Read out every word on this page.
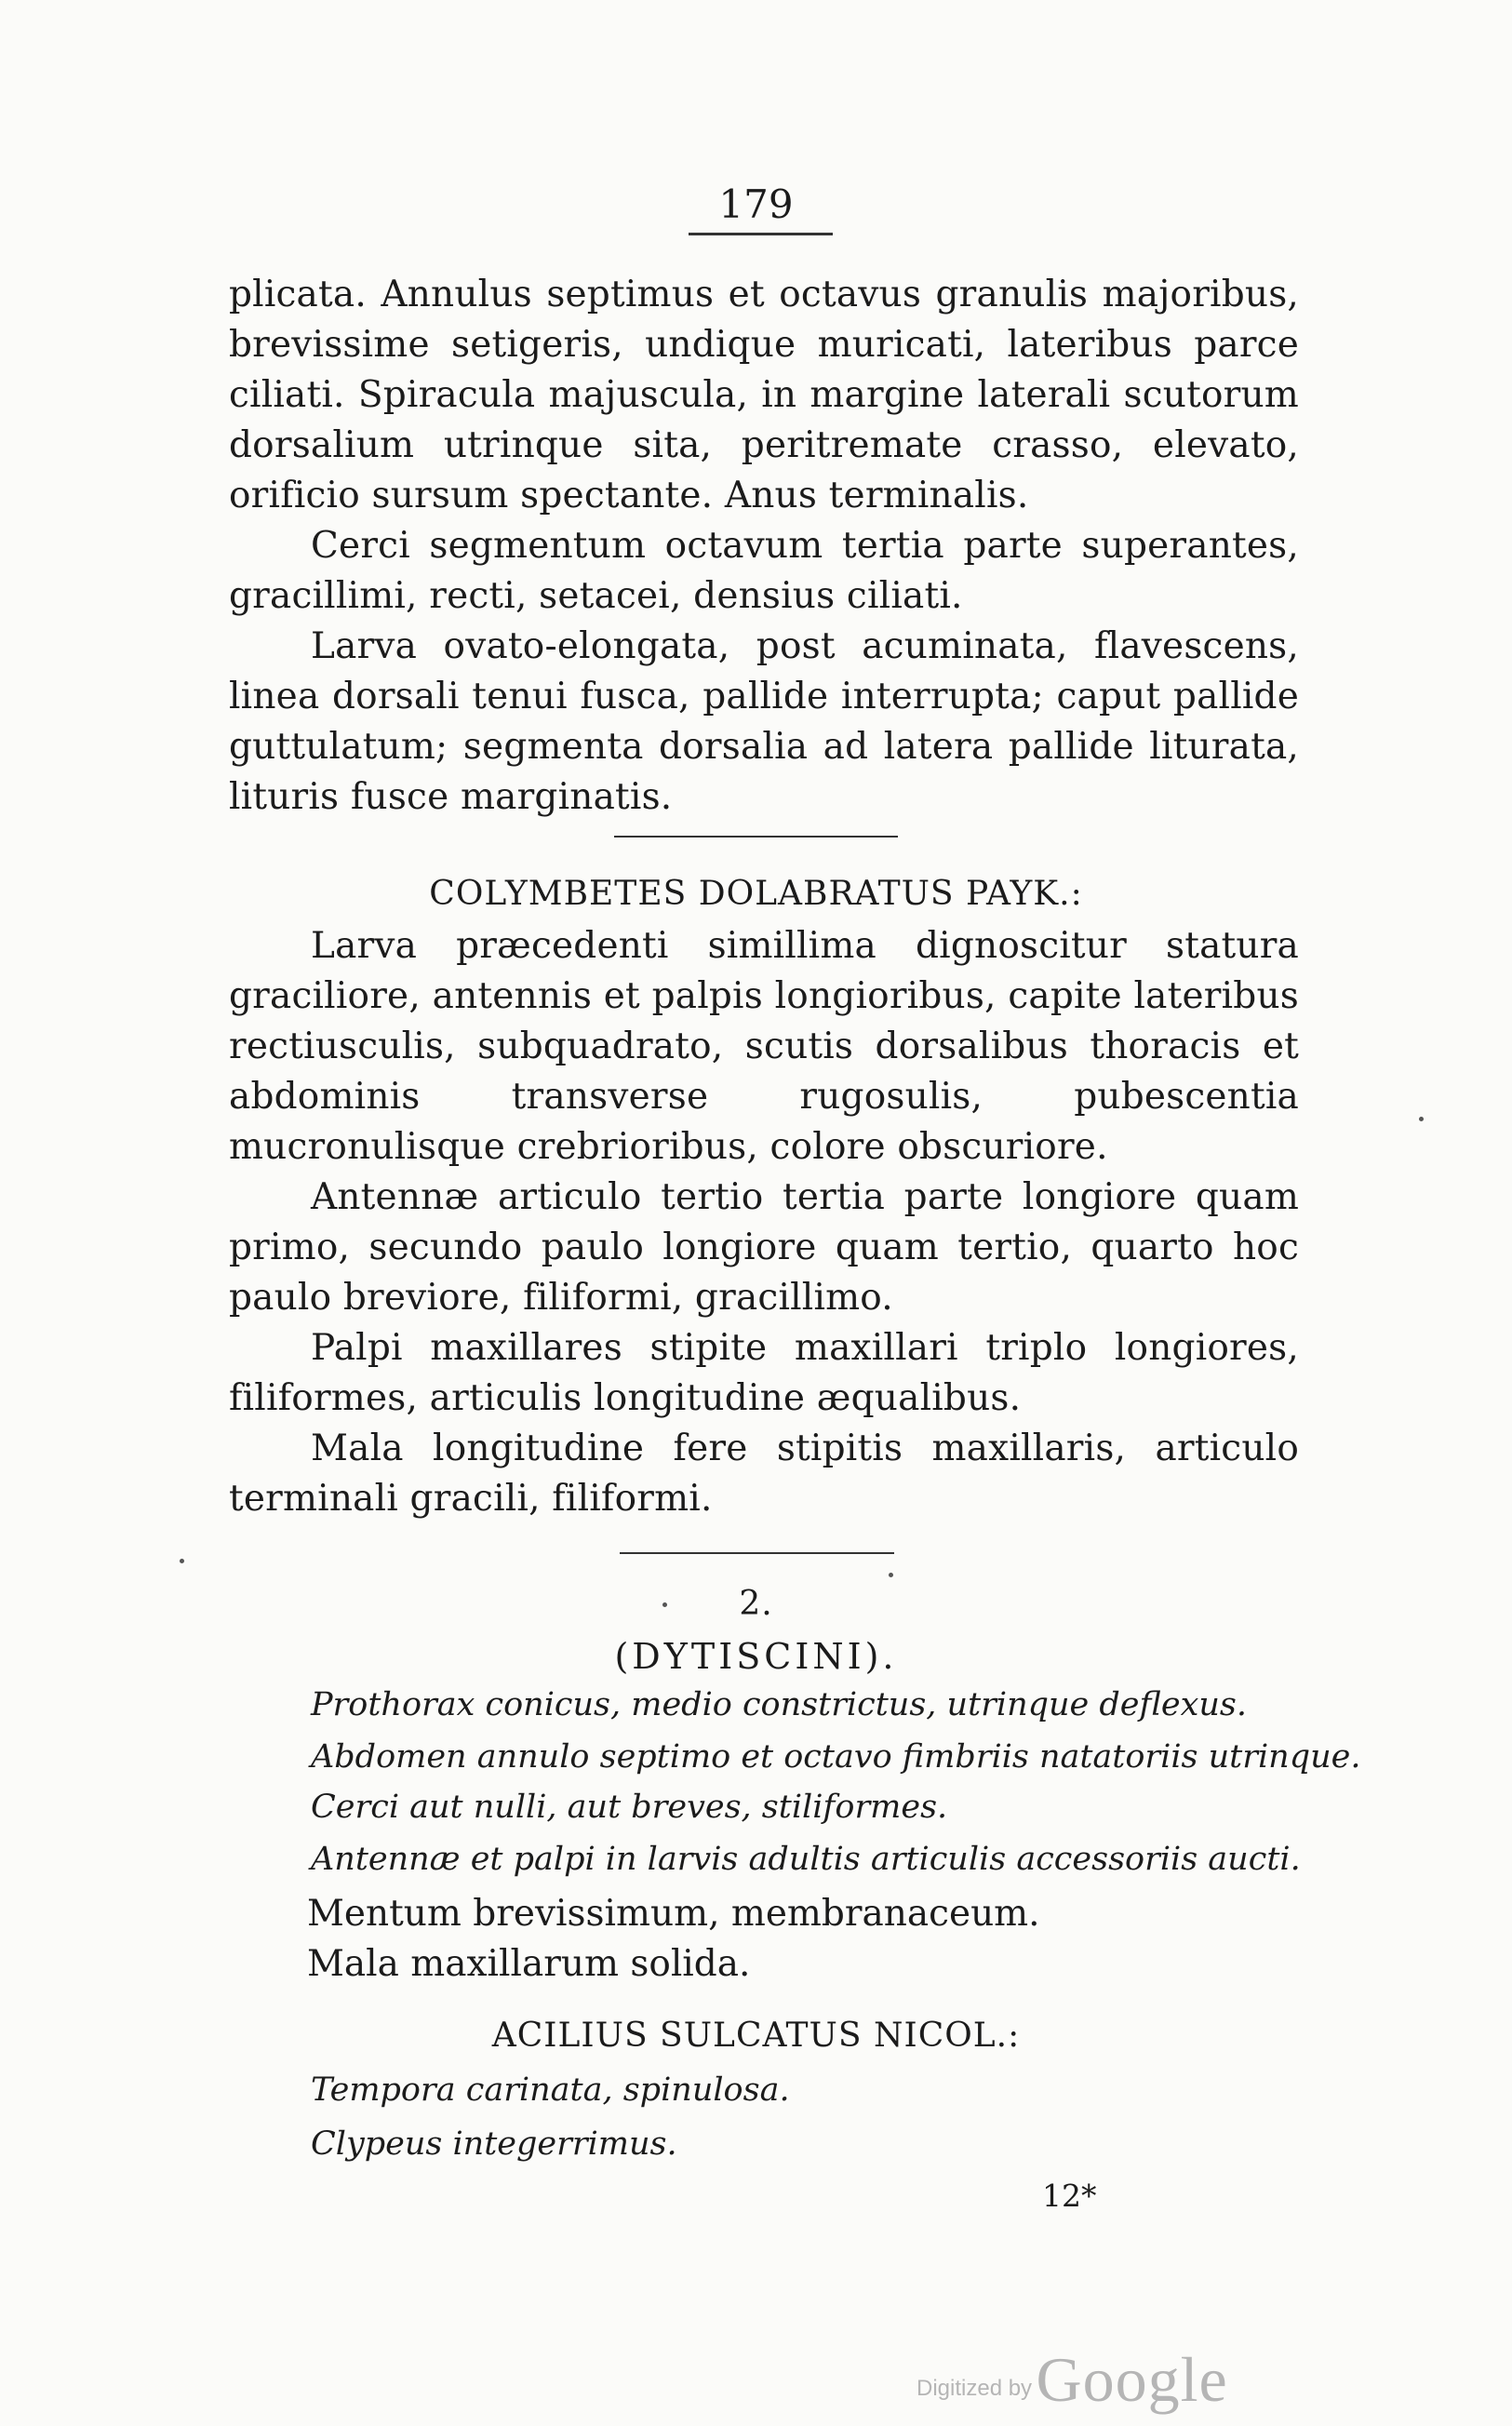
179

plicata. Annulus septimus et octavus granulis majoribus, brevissime setigeris, undique muricati, lateribus parce ciliati. Spiracula majuscula, in margine laterali scutorum dorsalium utrinque sita, peritremate crasso, elevato, orificio sursum spectante. Anus terminalis.

Cerci segmentum octavum tertia parte superantes, gracillimi, recti, setacei, densius ciliati.

Larva ovato-elongata, post acuminata, flavescens, linea dorsali tenui fusca, pallide interrupta; caput pallide guttulatum; segmenta dorsalia ad latera pallide liturata, lituris fusce marginatis.

COLYMBETES DOLABRATUS PAYK.:

Larva præcedenti simillima dignoscitur statura graciliore, antennis et palpis longioribus, capite lateribus rectiusculis, subquadrato, scutis dorsalibus thoracis et abdominis transverse rugosulis, pubescentia mucronulisque crebrioribus, colore obscuriore.

Antennæ articulo tertio tertia parte longiore quam primo, secundo paulo longiore quam tertio, quarto hoc paulo breviore, filiformi, gracillimo.

Palpi maxillares stipite maxillari triplo longiores, filiformes, articulis longitudine æqualibus.

Mala longitudine fere stipitis maxillaris, articulo terminali gracili, filiformi.

2.
(DYTISCINI).
Prothorax conicus, medio constrictus, utrinque deflexus.
Abdomen annulo septimo et octavo fimbriis natatoriis utrinque.
Cerci aut nulli, aut breves, stiliformes.
Antennæ et palpi in larvis adultis articulis accessoriis aucti.
Mentum brevissimum, membranaceum.
Mala maxillarum solida.
ACILIUS SULCATUS NICOL.:
Tempora carinata, spinulosa.
Clypeus integerrimus.
12*
Digitized by Google
